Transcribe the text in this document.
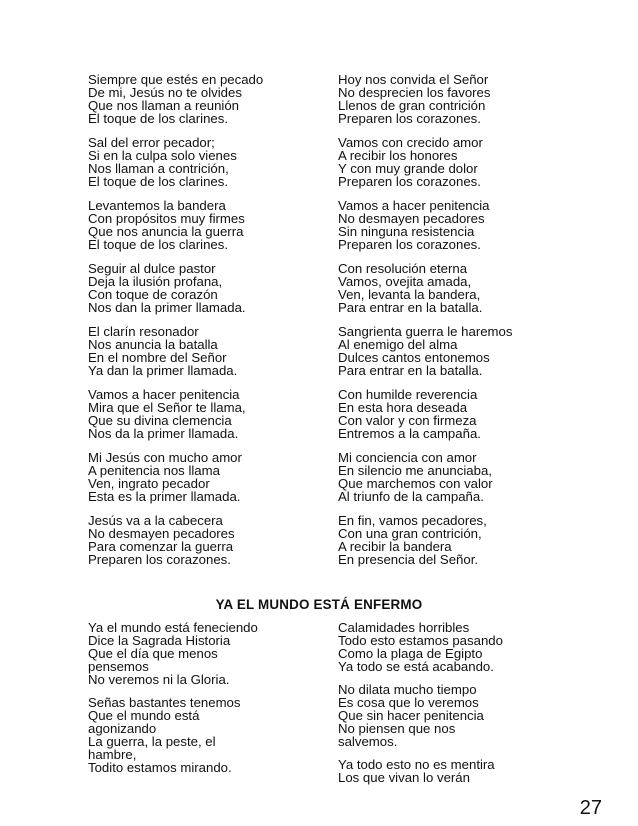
Siempre que estés en pecado
De mi, Jesús no te olvides
Que nos llaman a reunión
El toque de los clarines.
Sal del error pecador;
Si en la culpa solo vienes
Nos llaman a contrición,
El toque de los clarines.
Levantemos la bandera
Con propósitos muy firmes
Que nos anuncia la guerra
El toque de los clarines.
Seguir al dulce pastor
Deja la ilusión profana,
Con toque de corazón
Nos dan la primer llamada.
El clarín resonador
Nos anuncia la batalla
En el nombre del Señor
Ya dan la primer llamada.
Vamos a hacer penitencia
Mira que el Señor te llama,
Que su divina clemencia
Nos da la primer llamada.
Mi Jesús con mucho amor
A penitencia nos llama
Ven, ingrato pecador
Esta es la primer llamada.
Jesús va a la cabecera
No desmayen pecadores
Para comenzar la guerra
Preparen los corazones.
Hoy nos convida el Señor
No desprecien los favores
Llenos de gran contrición
Preparen los corazones.
Vamos con crecido amor
A recibir los honores
Y con muy grande dolor
Preparen los corazones.
Vamos a hacer penitencia
No desmayen pecadores
Sin ninguna resistencia
Preparen los corazones.
Con resolución eterna
Vamos, ovejita amada,
Ven, levanta la bandera,
Para entrar en la batalla.
Sangrienta guerra le haremos
Al enemigo del alma
Dulces cantos entonemos
Para entrar en la batalla.
Con humilde reverencia
En esta hora deseada
Con valor y con firmeza
Entremos a la campaña.
Mi conciencia con amor
En silencio me anunciaba,
Que marchemos con valor
Al triunfo de la campaña.
En fin, vamos pecadores,
Con una gran contrición,
A recibir la bandera
En presencia del Señor.
YA EL MUNDO ESTÁ ENFERMO
Ya el mundo está feneciendo
Dice la Sagrada Historia
Que el día que menos
pensemos
No veremos ni la Gloria.
Señas bastantes tenemos
Que el mundo está
agonizando
La guerra, la peste, el
hambre,
Todito estamos mirando.
Calamidades horribles
Todo esto estamos pasando
Como la plaga de Egipto
Ya todo se está acabando.
No dilata mucho tiempo
Es cosa que lo veremos
Que sin hacer penitencia
No piensen que nos
salvemos.
Ya todo esto no es mentira
Los que vivan lo verán
27
